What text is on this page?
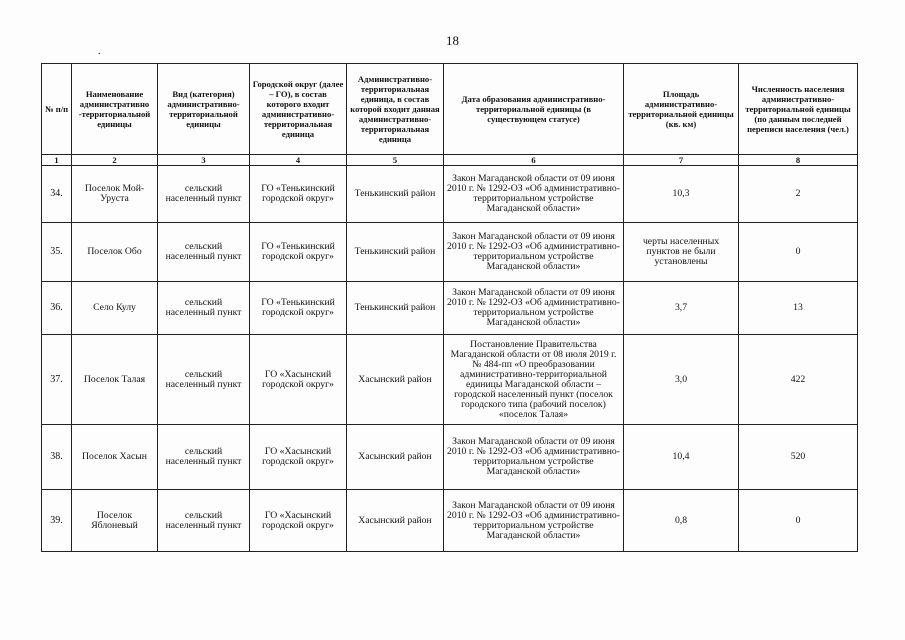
18
.
№ п/п	Наименование административно -территориальной единицы	Вид (категория) административно-территориальной единицы	Городской округ (далее – ГО), в состав которого входит административно-территориальная единица	Административно-территориальная единица, в состав которой входит данная административно-территориальная единица	Дата образования административно-территориальной единицы (в существующем статусе)	Площадь административно-территориальной единицы (кв. км)	Численность населения административно-территориальной единицы (по данным последней переписи населения (чел.)
1	2	3	4	5	6	7	8
34.	Поселок Мой-Уруста	сельский населенный пункт	ГО «Тенькинский городской округ»	Тенькинский район	Закон Магаданской области от 09 июня 2010 г. № 1292-ОЗ «Об административно-территориальном устройстве Магаданской области»	10,3	2
35.	Поселок Обо	сельский населенный пункт	ГО «Тенькинский городской округ»	Тенькинский район	Закон Магаданской области от 09 июня 2010 г. № 1292-ОЗ «Об административно-территориальном устройстве Магаданской области»	черты населенных пунктов не были установлены	0
36.	Село Кулу	сельский населенный пункт	ГО «Тенькинский городской округ»	Тенькинский район	Закон Магаданской области от 09 июня 2010 г. № 1292-ОЗ «Об административно-территориальном устройстве Магаданской области»	3,7	13
37.	Поселок Талая	сельский населенный пункт	ГО «Хасынский городской округ»	Хасынский район	Постановление Правительства Магаданской области от 08 июля 2019 г. № 484-пп «О преобразовании административно-территориальной единицы Магаданской области – городской населенный пункт (поселок городского типа (рабочий поселок) «поселок Талая»	3,0	422
38.	Поселок Хасын	сельский населенный пункт	ГО «Хасынский городской округ»	Хасынский район	Закон Магаданской области от 09 июня 2010 г. № 1292-ОЗ «Об административно-территориальном устройстве Магаданской области»	10,4	520
39.	Поселок Яблоневый	сельский населенный пункт	ГО «Хасынский городской округ»	Хасынский район	Закон Магаданской области от 09 июня 2010 г. № 1292-ОЗ «Об административно-территориальном устройстве Магаданской области»	0,8	0
